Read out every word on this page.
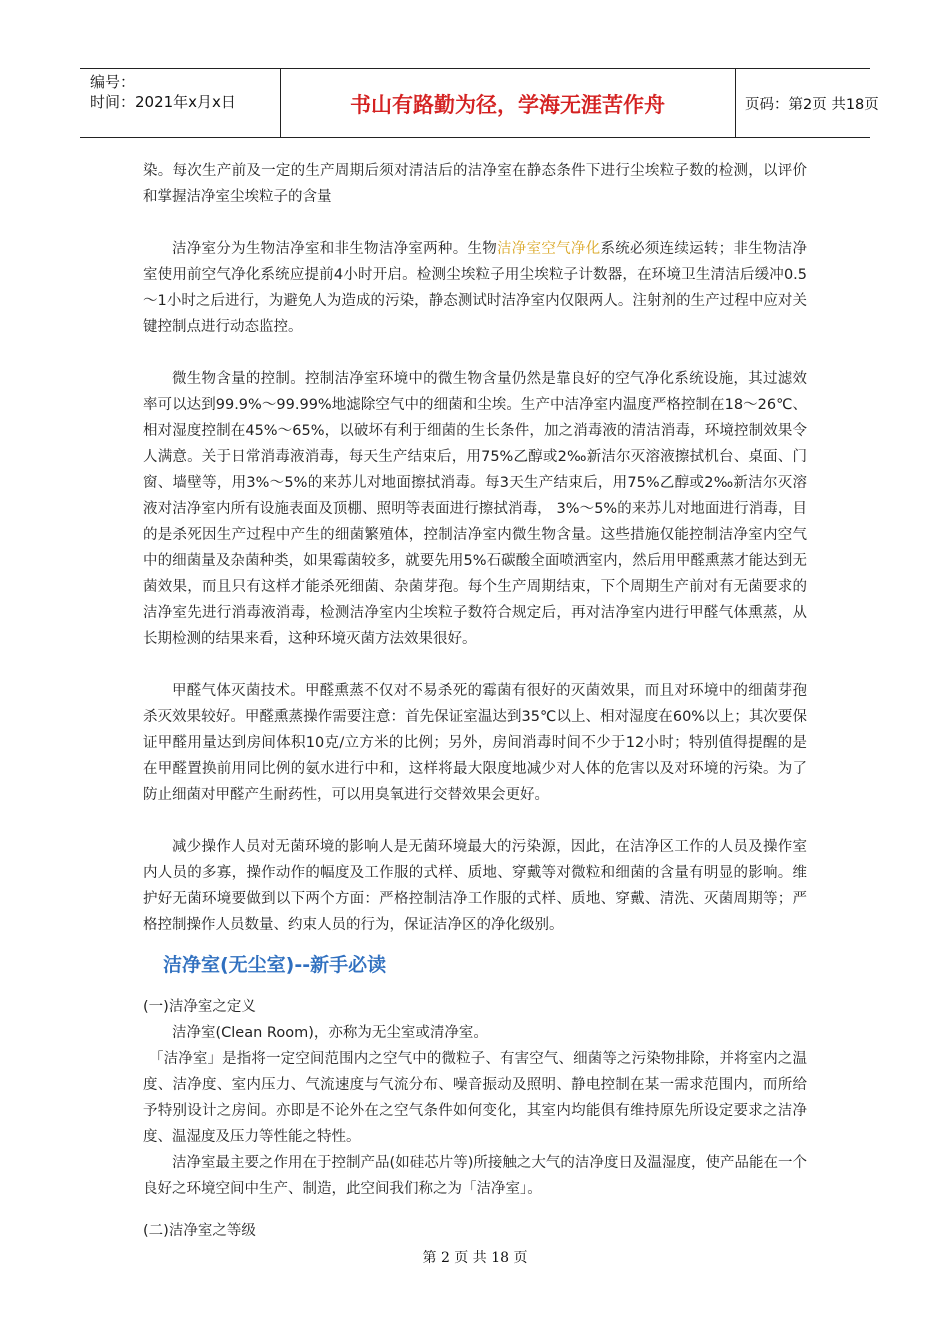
编号：
时间：2021年x月x日	书山有路勤为径，学海无涯苦作舟	页码：第2页 共18页

染。每次生产前及一定的生产周期后须对清洁后的洁净室在静态条件下进行尘埃粒子数的检测，以评价和掌握洁净室尘埃粒子的含量

洁净室分为生物洁净室和非生物洁净室两种。生物洁净室空气净化系统必须连续运转；非生物洁净室使用前空气净化系统应提前4小时开启。检测尘埃粒子用尘埃粒子计数器，在环境卫生清洁后缓冲0.5～1小时之后进行，为避免人为造成的污染，静态测试时洁净室内仅限两人。注射剂的生产过程中应对关键控制点进行动态监控。

微生物含量的控制。控制洁净室环境中的微生物含量仍然是靠良好的空气净化系统设施，其过滤效率可以达到99.9%～99.99%地滤除空气中的细菌和尘埃。生产中洁净室内温度严格控制在18～26℃、相对湿度控制在45%～65%，以破坏有利于细菌的生长条件，加之消毒液的清洁消毒，环境控制效果令人满意。关于日常消毒液消毒，每天生产结束后，用75%乙醇或2‰新洁尔灭溶液擦拭机台、桌面、门窗、墙壁等，用3%～5%的来苏儿对地面擦拭消毒。每3天生产结束后，用75%乙醇或2‰新洁尔灭溶液对洁净室内所有设施表面及顶棚、照明等表面进行擦拭消毒， 3%～5%的来苏儿对地面进行消毒，目的是杀死因生产过程中产生的细菌繁殖体，控制洁净室内微生物含量。这些措施仅能控制洁净室内空气中的细菌量及杂菌种类，如果霉菌较多，就要先用5%石碳酸全面喷洒室内，然后用甲醛熏蒸才能达到无菌效果，而且只有这样才能杀死细菌、杂菌芽孢。每个生产周期结束，下个周期生产前对有无菌要求的洁净室先进行消毒液消毒，检测洁净室内尘埃粒子数符合规定后，再对洁净室内进行甲醛气体熏蒸，从长期检测的结果来看，这种环境灭菌方法效果很好。

甲醛气体灭菌技术。甲醛熏蒸不仅对不易杀死的霉菌有很好的灭菌效果，而且对环境中的细菌芽孢杀灭效果较好。甲醛熏蒸操作需要注意：首先保证室温达到35℃以上、相对湿度在60%以上；其次要保证甲醛用量达到房间体积10克/立方米的比例；另外，房间消毒时间不少于12小时；特别值得提醒的是在甲醛置换前用同比例的氨水进行中和，这样将最大限度地减少对人体的危害以及对环境的污染。为了防止细菌对甲醛产生耐药性，可以用臭氧进行交替效果会更好。

减少操作人员对无菌环境的影响人是无菌环境最大的污染源，因此，在洁净区工作的人员及操作室内人员的多寡，操作动作的幅度及工作服的式样、质地、穿戴等对微粒和细菌的含量有明显的影响。维护好无菌环境要做到以下两个方面：严格控制洁净工作服的式样、质地、穿戴、清洗、灭菌周期等；严格控制操作人员数量、约束人员的行为，保证洁净区的净化级别。

洁净室(无尘室)--新手必读

(一)洁净室之定义

洁净室(Clean Room)，亦称为无尘室或清净室。

「洁净室」是指将一定空间范围内之空气中的微粒子、有害空气、细菌等之污染物排除，并将室内之温度、洁净度、室内压力、气流速度与气流分布、噪音振动及照明、静电控制在某一需求范围内，而所给予特别设计之房间。亦即是不论外在之空气条件如何变化，其室内均能俱有维持原先所设定要求之洁净度、温湿度及压力等性能之特性。

洁净室最主要之作用在于控制产品(如硅芯片等)所接触之大气的洁净度日及温湿度，使产品能在一个良好之环境空间中生产、制造，此空间我们称之为「洁净室」。

(二)洁净室之等级

第 2 页 共 18 页
